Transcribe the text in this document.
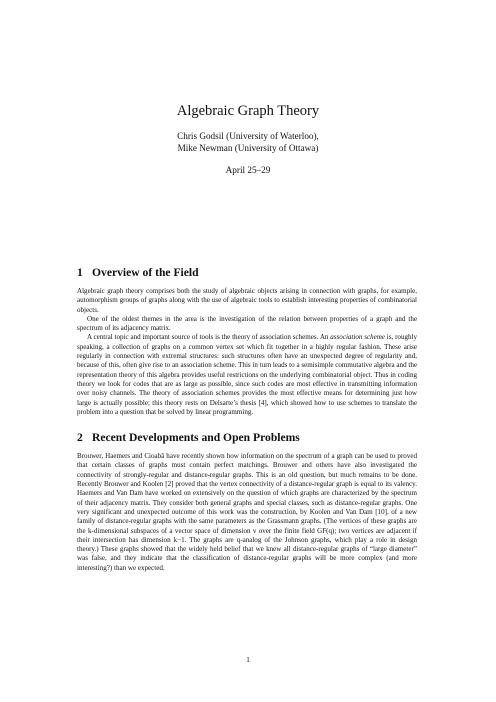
Algebraic Graph Theory
Chris Godsil (University of Waterloo),
Mike Newman (University of Ottawa)
April 25–29
1 Overview of the Field

Algebraic graph theory comprises both the study of algebraic objects arising in connection with graphs, for example, automorphism groups of graphs along with the use of algebraic tools to establish interesting properties of combinatorial objects.

One of the oldest themes in the area is the investigation of the relation between properties of a graph and the spectrum of its adjacency matrix.

A central topic and important source of tools is the theory of association schemes. An association scheme is, roughly speaking, a collection of graphs on a common vertex set which fit together in a highly regular fashion. These arise regularly in connection with extremal structures: such structures often have an unexpected degree of regularity and, because of this, often give rise to an association scheme. This in turn leads to a semisimple commutative algebra and the representation theory of this algebra provides useful restrictions on the underlying combinatorial object. Thus in coding theory we look for codes that are as large as possible, since such codes are most effective in transmitting information over noisy channels. The theory of association schemes provides the most effective means for determining just how large is actually possible; this theory rests on Delsarte’s thesis [4], which showed how to use schemes to translate the problem into a question that be solved by linear programming.

2 Recent Developments and Open Problems

Brouwer, Haemers and Cioabă have recently shown how information on the spectrum of a graph can be used to proved that certain classes of graphs must contain perfect matchings. Brouwer and others have also investigated the connectivity of strongly-regular and distance-regular graphs. This is an old question, but much remains to be done. Recently Brouwer and Koolen [2] proved that the vertex connectivity of a distance-regular graph is equal to its valency. Haemers and Van Dam have worked on extensively on the question of which graphs are characterized by the spectrum of their adjacency matrix. They consider both general graphs and special classes, such as distance-regular graphs. One very significant and unexpected outcome of this work was the construction, by Koolen and Van Dam [10], of a new family of distance-regular graphs with the same parameters as the Grassmann graphs. (The vertices of these graphs are the k-dimensional subspaces of a vector space of dimension v over the finite field GF(q); two vertices are adjacent if their intersection has dimension k−1. The graphs are q-analog of the Johnson graphs, which play a role in design theory.) These graphs showed that the widely held belief that we knew all distance-regular graphs of “large diameter” was false, and they indicate that the classification of distance-regular graphs will be more complex (and more interesting?) than we expected.

1
